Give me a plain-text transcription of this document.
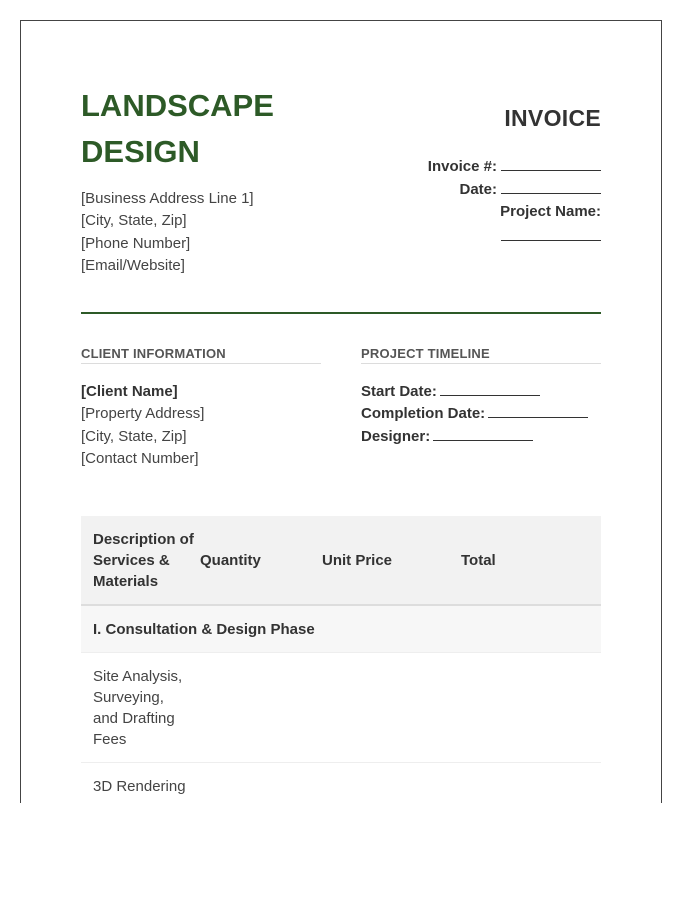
LANDSCAPE DESIGN
[Business Address Line 1]
[City, State, Zip]
[Phone Number]
[Email/Website]
INVOICE
Invoice #:
Date:
Project Name:
CLIENT INFORMATION
[Client Name]
[Property Address]
[City, State, Zip]
[Contact Number]
PROJECT TIMELINE
Start Date:
Completion Date:
Designer:
Description of Services & Materials
Quantity	Unit Price	Total
I. Consultation & Design Phase
Site Analysis, Surveying, and Drafting Fees
3D Rendering
